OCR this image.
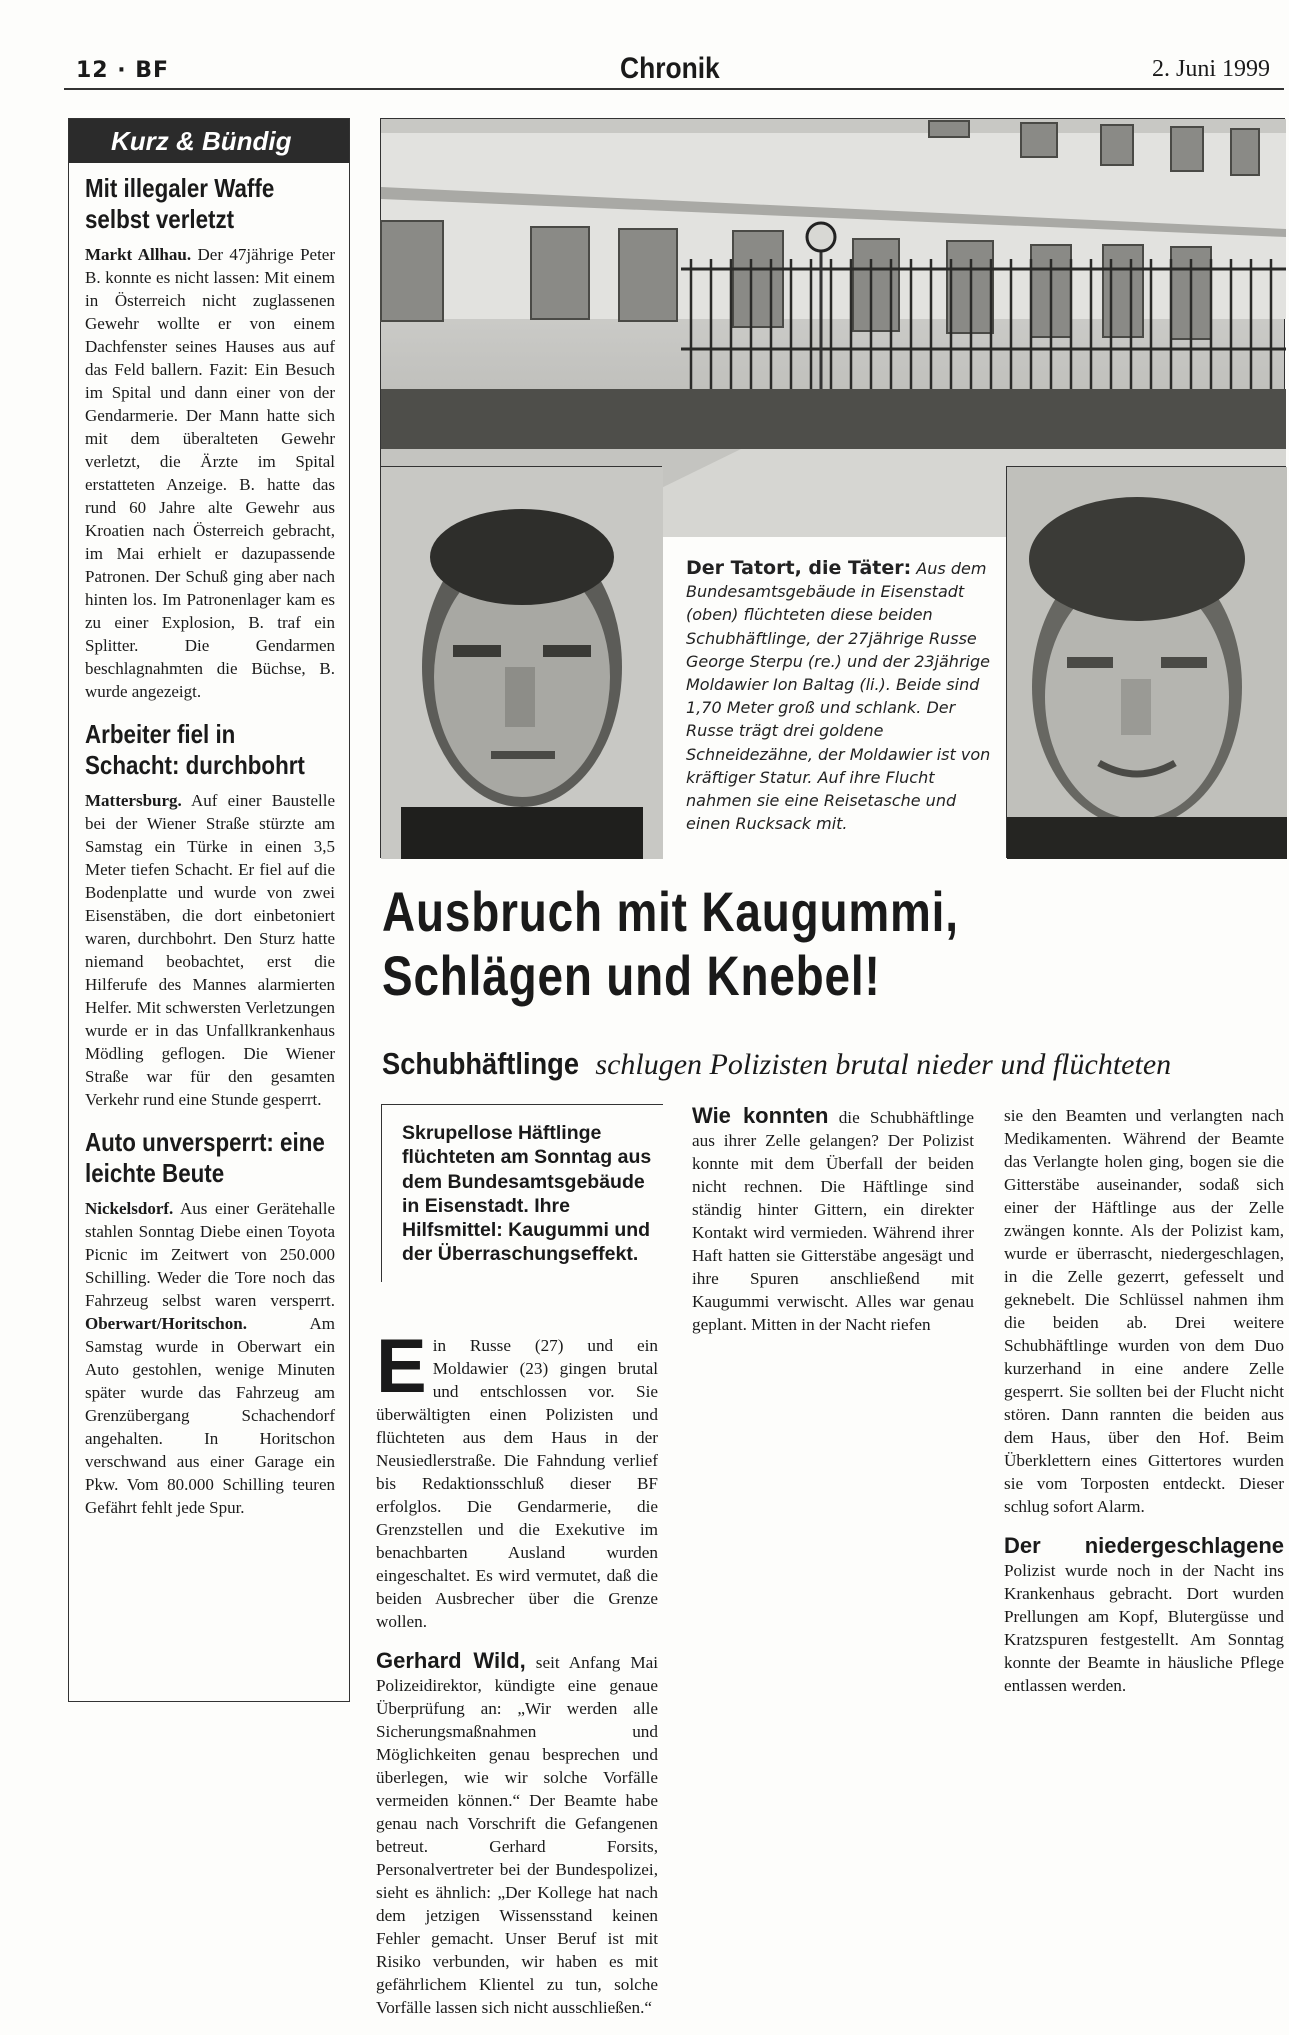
12 · BF	Chronik	2. Juni 1999
Kurz & Bündig
Mit illegaler Waffe selbst verletzt
Markt Allhau. Der 47jährige Peter B. konnte es nicht lassen: Mit einem in Österreich nicht zuglassenen Gewehr wollte er von einem Dachfenster seines Hauses aus auf das Feld ballern. Fazit: Ein Besuch im Spital und dann einer von der Gendarmerie. Der Mann hatte sich mit dem überalteten Gewehr verletzt, die Ärzte im Spital erstatteten Anzeige. B. hatte das rund 60 Jahre alte Gewehr aus Kroatien nach Österreich gebracht, im Mai erhielt er dazupassende Patronen. Der Schuß ging aber nach hinten los. Im Patronenlager kam es zu einer Explosion, B. traf ein Splitter. Die Gendarmen beschlagnahmten die Büchse, B. wurde angezeigt.
Arbeiter fiel in Schacht: durchbohrt
Mattersburg. Auf einer Baustelle bei der Wiener Straße stürzte am Samstag ein Türke in einen 3,5 Meter tiefen Schacht. Er fiel auf die Bodenplatte und wurde von zwei Eisenstäben, die dort einbetoniert waren, durchbohrt. Den Sturz hatte niemand beobachtet, erst die Hilferufe des Mannes alarmierten Helfer. Mit schwersten Verletzungen wurde er in das Unfallkrankenhaus Mödling geflogen. Die Wiener Straße war für den gesamten Verkehr rund eine Stunde gesperrt.
Auto unversperrt: eine leichte Beute
Nickelsdorf. Aus einer Gerätehalle stahlen Sonntag Diebe einen Toyota Picnic im Zeitwert von 250.000 Schilling. Weder die Tore noch das Fahrzeug selbst waren versperrt. Oberwart/Horitschon. Am Samstag wurde in Oberwart ein Auto gestohlen, wenige Minuten später wurde das Fahrzeug am Grenzübergang Schachendorf angehalten. In Horitschon verschwand aus einer Garage ein Pkw. Vom 80.000 Schilling teuren Gefährt fehlt jede Spur.
Der Tatort, die Täter: Aus dem Bundesamtsgebäude in Eisenstadt (oben) flüchteten diese beiden Schubhäftlinge, der 27jährige Russe George Sterpu (re.) und der 23jährige Moldawier Ion Baltag (li.). Beide sind 1,70 Meter groß und schlank. Der Russe trägt drei goldene Schneidezähne, der Moldawier ist von kräftiger Statur. Auf ihre Flucht nahmen sie eine Reisetasche und einen Rucksack mit.
Ausbruch mit Kaugummi,
Schlägen und Knebel!
Schubhäftlinge schlugen Polizisten brutal nieder und flüchteten
Skrupellose Häftlinge flüchteten am Sonntag aus dem Bundesamtsgebäude in Eisenstadt. Ihre Hilfsmittel: Kaugummi und der Überraschungseffekt.

Ein Russe (27) und ein Moldawier (23) gingen brutal und entschlossen vor. Sie überwältigten einen Polizisten und flüchteten aus dem Haus in der Neusiedlerstraße. Die Fahndung verlief bis Redaktionsschluß dieser BF erfolglos. Die Gendarmerie, die Grenzstellen und die Exekutive im benachbarten Ausland wurden eingeschaltet. Es wird vermutet, daß die beiden Ausbrecher über die Grenze wollen.

Gerhard Wild, seit Anfang Mai Polizeidirektor, kündigte eine genaue Überprüfung an: „Wir werden alle Sicherungsmaßnahmen und Möglichkeiten genau besprechen und überlegen, wie wir solche Vorfälle vermeiden können.“ Der Beamte habe genau nach Vorschrift die Gefangenen betreut. Gerhard Forsits, Personalvertreter bei der Bundespolizei, sieht es ähnlich: „Der Kollege hat nach dem jetzigen Wissensstand keinen Fehler gemacht. Unser Beruf ist mit Risiko verbunden, wir haben es mit gefährlichem Klientel zu tun, solche Vorfälle lassen sich nicht ausschließen.“

Wie konnten die Schubhäftlinge aus ihrer Zelle gelangen? Der Polizist konnte mit dem Überfall der beiden nicht rechnen. Die Häftlinge sind ständig hinter Gittern, ein direkter Kontakt wird vermieden. Während ihrer Haft hatten sie Gitterstäbe angesägt und ihre Spuren anschließend mit Kaugummi verwischt. Alles war genau geplant. Mitten in der Nacht riefen

sie den Beamten und verlangten nach Medikamenten. Während der Beamte das Verlangte holen ging, bogen sie die Gitterstäbe auseinander, sodaß sich einer der Häftlinge aus der Zelle zwängen konnte. Als der Polizist kam, wurde er überrascht, niedergeschlagen, in die Zelle gezerrt, gefesselt und geknebelt. Die Schlüssel nahmen ihm die beiden ab. Drei weitere Schubhäftlinge wurden von dem Duo kurzerhand in eine andere Zelle gesperrt. Sie sollten bei der Flucht nicht stören. Dann rannten die beiden aus dem Haus, über den Hof. Beim Überklettern eines Gittertores wurden sie vom Torposten entdeckt. Dieser schlug sofort Alarm.

Der niedergeschlagene Polizist wurde noch in der Nacht ins Krankenhaus gebracht. Dort wurden Prellungen am Kopf, Blutergüsse und Kratzspuren festgestellt. Am Sonntag konnte der Beamte in häusliche Pflege entlassen werden.
